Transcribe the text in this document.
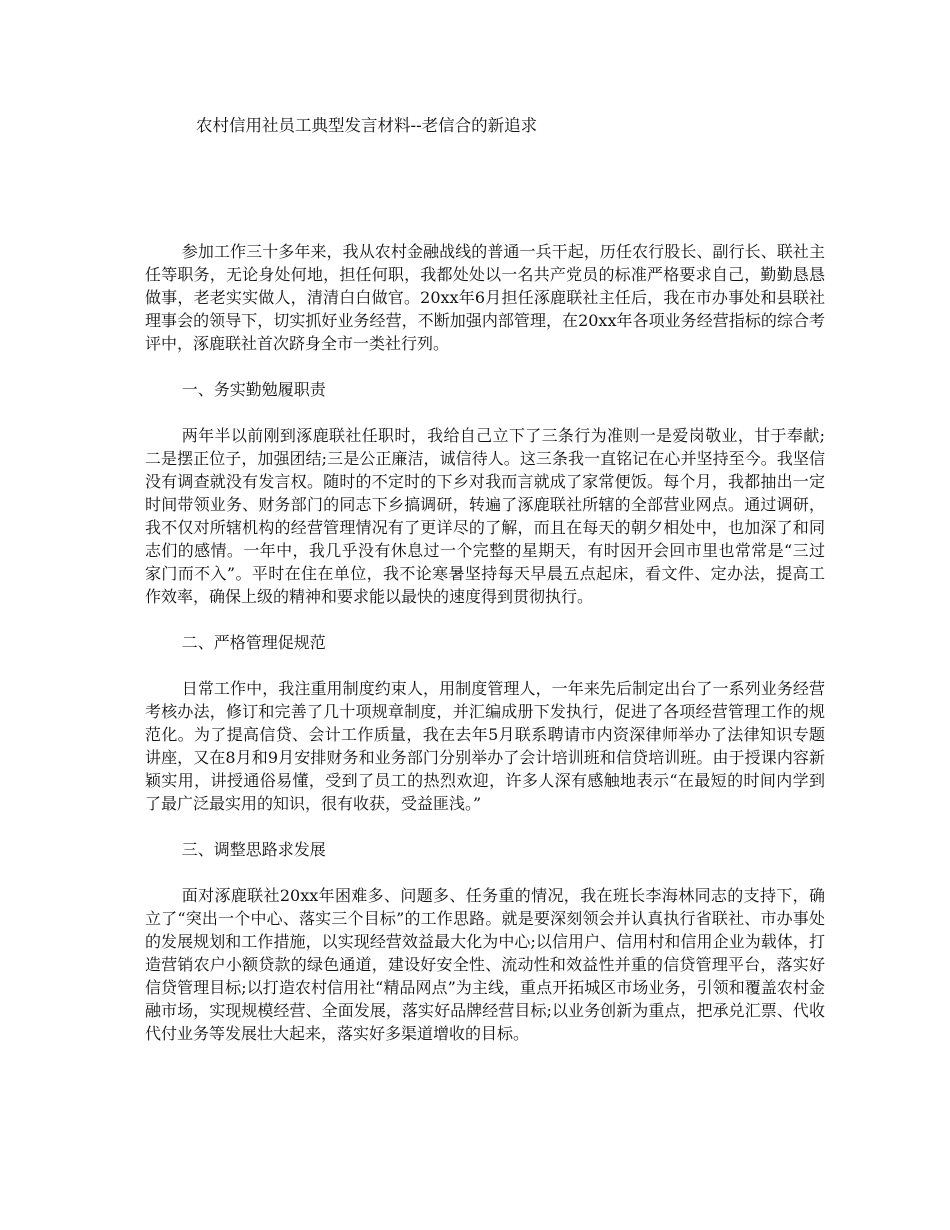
农村信用社员工典型发言材料--老信合的新追求

参加工作三十多年来，我从农村金融战线的普通一兵干起，历任农行股长、副行长、联社主任等职务，无论身处何地，担任何职，我都处处以一名共产党员的标准严格要求自己，勤勤恳恳做事，老老实实做人，清清白白做官。20xx年6月担任涿鹿联社主任后，我在市办事处和县联社理事会的领导下，切实抓好业务经营，不断加强内部管理，在20xx年各项业务经营指标的综合考评中，涿鹿联社首次跻身全市一类社行列。

一、务实勤勉履职责

两年半以前刚到涿鹿联社任职时，我给自己立下了三条行为准则一是爱岗敬业，甘于奉献;二是摆正位子，加强团结;三是公正廉洁，诚信待人。这三条我一直铭记在心并坚持至今。我坚信没有调查就没有发言权。随时的不定时的下乡对我而言就成了家常便饭。每个月，我都抽出一定时间带领业务、财务部门的同志下乡搞调研，转遍了涿鹿联社所辖的全部营业网点。通过调研，我不仅对所辖机构的经营管理情况有了更详尽的了解，而且在每天的朝夕相处中，也加深了和同志们的感情。一年中，我几乎没有休息过一个完整的星期天，有时因开会回市里也常常是“三过家门而不入”。平时在住在单位，我不论寒暑坚持每天早晨五点起床，看文件、定办法，提高工作效率，确保上级的精神和要求能以最快的速度得到贯彻执行。

二、严格管理促规范

日常工作中，我注重用制度约束人，用制度管理人，一年来先后制定出台了一系列业务经营考核办法，修订和完善了几十项规章制度，并汇编成册下发执行，促进了各项经营管理工作的规范化。为了提高信贷、会计工作质量，我在去年5月联系聘请市内资深律师举办了法律知识专题讲座，又在8月和9月安排财务和业务部门分别举办了会计培训班和信贷培训班。由于授课内容新颖实用，讲授通俗易懂，受到了员工的热烈欢迎，许多人深有感触地表示“在最短的时间内学到了最广泛最实用的知识，很有收获，受益匪浅。”

三、调整思路求发展

面对涿鹿联社20xx年困难多、问题多、任务重的情况，我在班长李海林同志的支持下，确立了“突出一个中心、落实三个目标”的工作思路。就是要深刻领会并认真执行省联社、市办事处的发展规划和工作措施，以实现经营效益最大化为中心;以信用户、信用村和信用企业为载体，打造营销农户小额贷款的绿色通道，建设好安全性、流动性和效益性并重的信贷管理平台，落实好信贷管理目标;以打造农村信用社“精品网点”为主线，重点开拓城区市场业务，引领和覆盖农村金融市场，实现规模经营、全面发展，落实好品牌经营目标;以业务创新为重点，把承兑汇票、代收代付业务等发展壮大起来，落实好多渠道增收的目标。
